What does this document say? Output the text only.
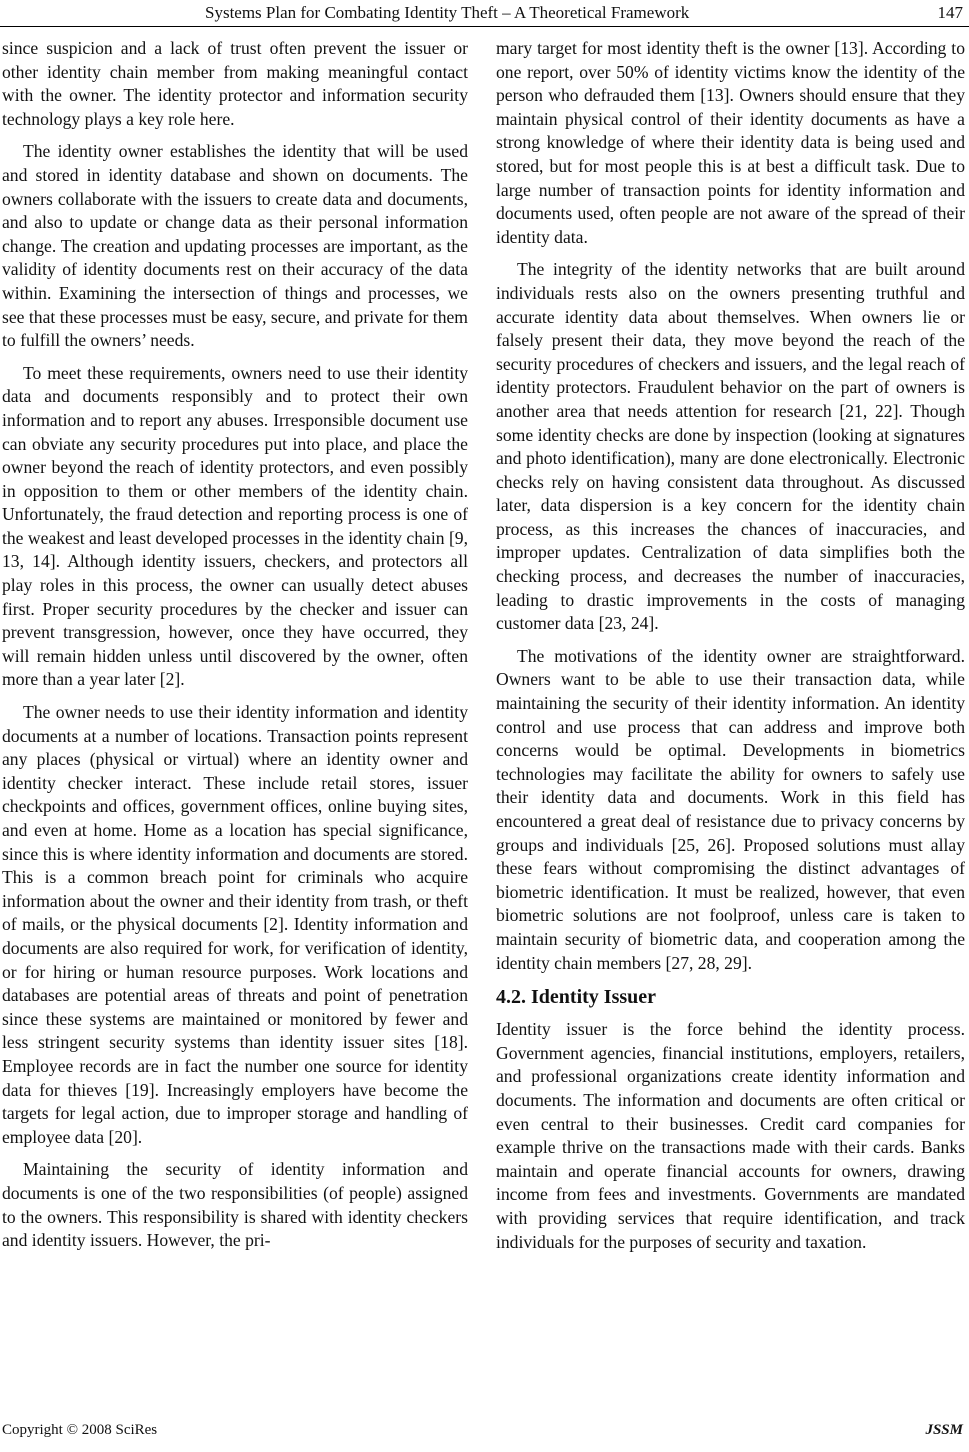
Systems Plan for Combating Identity Theft – A Theoretical Framework	147

since suspicion and a lack of trust often prevent the issuer or other identity chain member from making meaningful contact with the owner. The identity protector and information security technology plays a key role here.

The identity owner establishes the identity that will be used and stored in identity database and shown on documents. The owners collaborate with the issuers to create data and documents, and also to update or change data as their personal information change. The creation and updating processes are important, as the validity of identity documents rest on their accuracy of the data within. Examining the intersection of things and processes, we see that these processes must be easy, secure, and private for them to fulfill the owners’ needs.

To meet these requirements, owners need to use their identity data and documents responsibly and to protect their own information and to report any abuses. Irresponsible document use can obviate any security procedures put into place, and place the owner beyond the reach of identity protectors, and even possibly in opposition to them or other members of the identity chain. Unfortunately, the fraud detection and reporting process is one of the weakest and least developed processes in the identity chain [9, 13, 14]. Although identity issuers, checkers, and protectors all play roles in this process, the owner can usually detect abuses first. Proper security procedures by the checker and issuer can prevent transgression, however, once they have occurred, they will remain hidden unless until discovered by the owner, often more than a year later [2].

The owner needs to use their identity information and identity documents at a number of locations. Transaction points represent any places (physical or virtual) where an identity owner and identity checker interact. These include retail stores, issuer checkpoints and offices, government offices, online buying sites, and even at home. Home as a location has special significance, since this is where identity information and documents are stored. This is a common breach point for criminals who acquire information about the owner and their identity from trash, or theft of mails, or the physical documents [2]. Identity information and documents are also required for work, for verification of identity, or for hiring or human resource purposes. Work locations and databases are potential areas of threats and point of penetration since these systems are maintained or monitored by fewer and less stringent security systems than identity issuer sites [18]. Employee records are in fact the number one source for identity data for thieves [19]. Increasingly employers have become the targets for legal action, due to improper storage and handling of employee data [20].

Maintaining the security of identity information and documents is one of the two responsibilities (of people) assigned to the owners. This responsibility is shared with identity checkers and identity issuers. However, the pri-

mary target for most identity theft is the owner [13]. According to one report, over 50% of identity victims know the identity of the person who defrauded them [13]. Owners should ensure that they maintain physical control of their identity documents as have a strong knowledge of where their identity data is being used and stored, but for most people this is at best a difficult task. Due to large number of transaction points for identity information and documents used, often people are not aware of the spread of their identity data.

The integrity of the identity networks that are built around individuals rests also on the owners presenting truthful and accurate identity data about themselves. When owners lie or falsely present their data, they move beyond the reach of the security procedures of checkers and issuers, and the legal reach of identity protectors. Fraudulent behavior on the part of owners is another area that needs attention for research [21, 22]. Though some identity checks are done by inspection (looking at signatures and photo identification), many are done electronically. Electronic checks rely on having consistent data throughout. As discussed later, data dispersion is a key concern for the identity chain process, as this increases the chances of inaccuracies, and improper updates. Centralization of data simplifies both the checking process, and decreases the number of inaccuracies, leading to drastic improvements in the costs of managing customer data [23, 24].

The motivations of the identity owner are straightforward. Owners want to be able to use their transaction data, while maintaining the security of their identity information. An identity control and use process that can address and improve both concerns would be optimal. Developments in biometrics technologies may facilitate the ability for owners to safely use their identity data and documents. Work in this field has encountered a great deal of resistance due to privacy concerns by groups and individuals [25, 26]. Proposed solutions must allay these fears without compromising the distinct advantages of biometric identification. It must be realized, however, that even biometric solutions are not foolproof, unless care is taken to maintain security of biometric data, and cooperation among the identity chain members [27, 28, 29].

4.2. Identity Issuer

Identity issuer is the force behind the identity process. Government agencies, financial institutions, employers, retailers, and professional organizations create identity information and documents. The information and documents are often critical or even central to their businesses. Credit card companies for example thrive on the transactions made with their cards. Banks maintain and operate financial accounts for owners, drawing income from fees and investments. Governments are mandated with providing services that require identification, and track individuals for the purposes of security and taxation.

Copyright © 2008 SciRes	JSSM
